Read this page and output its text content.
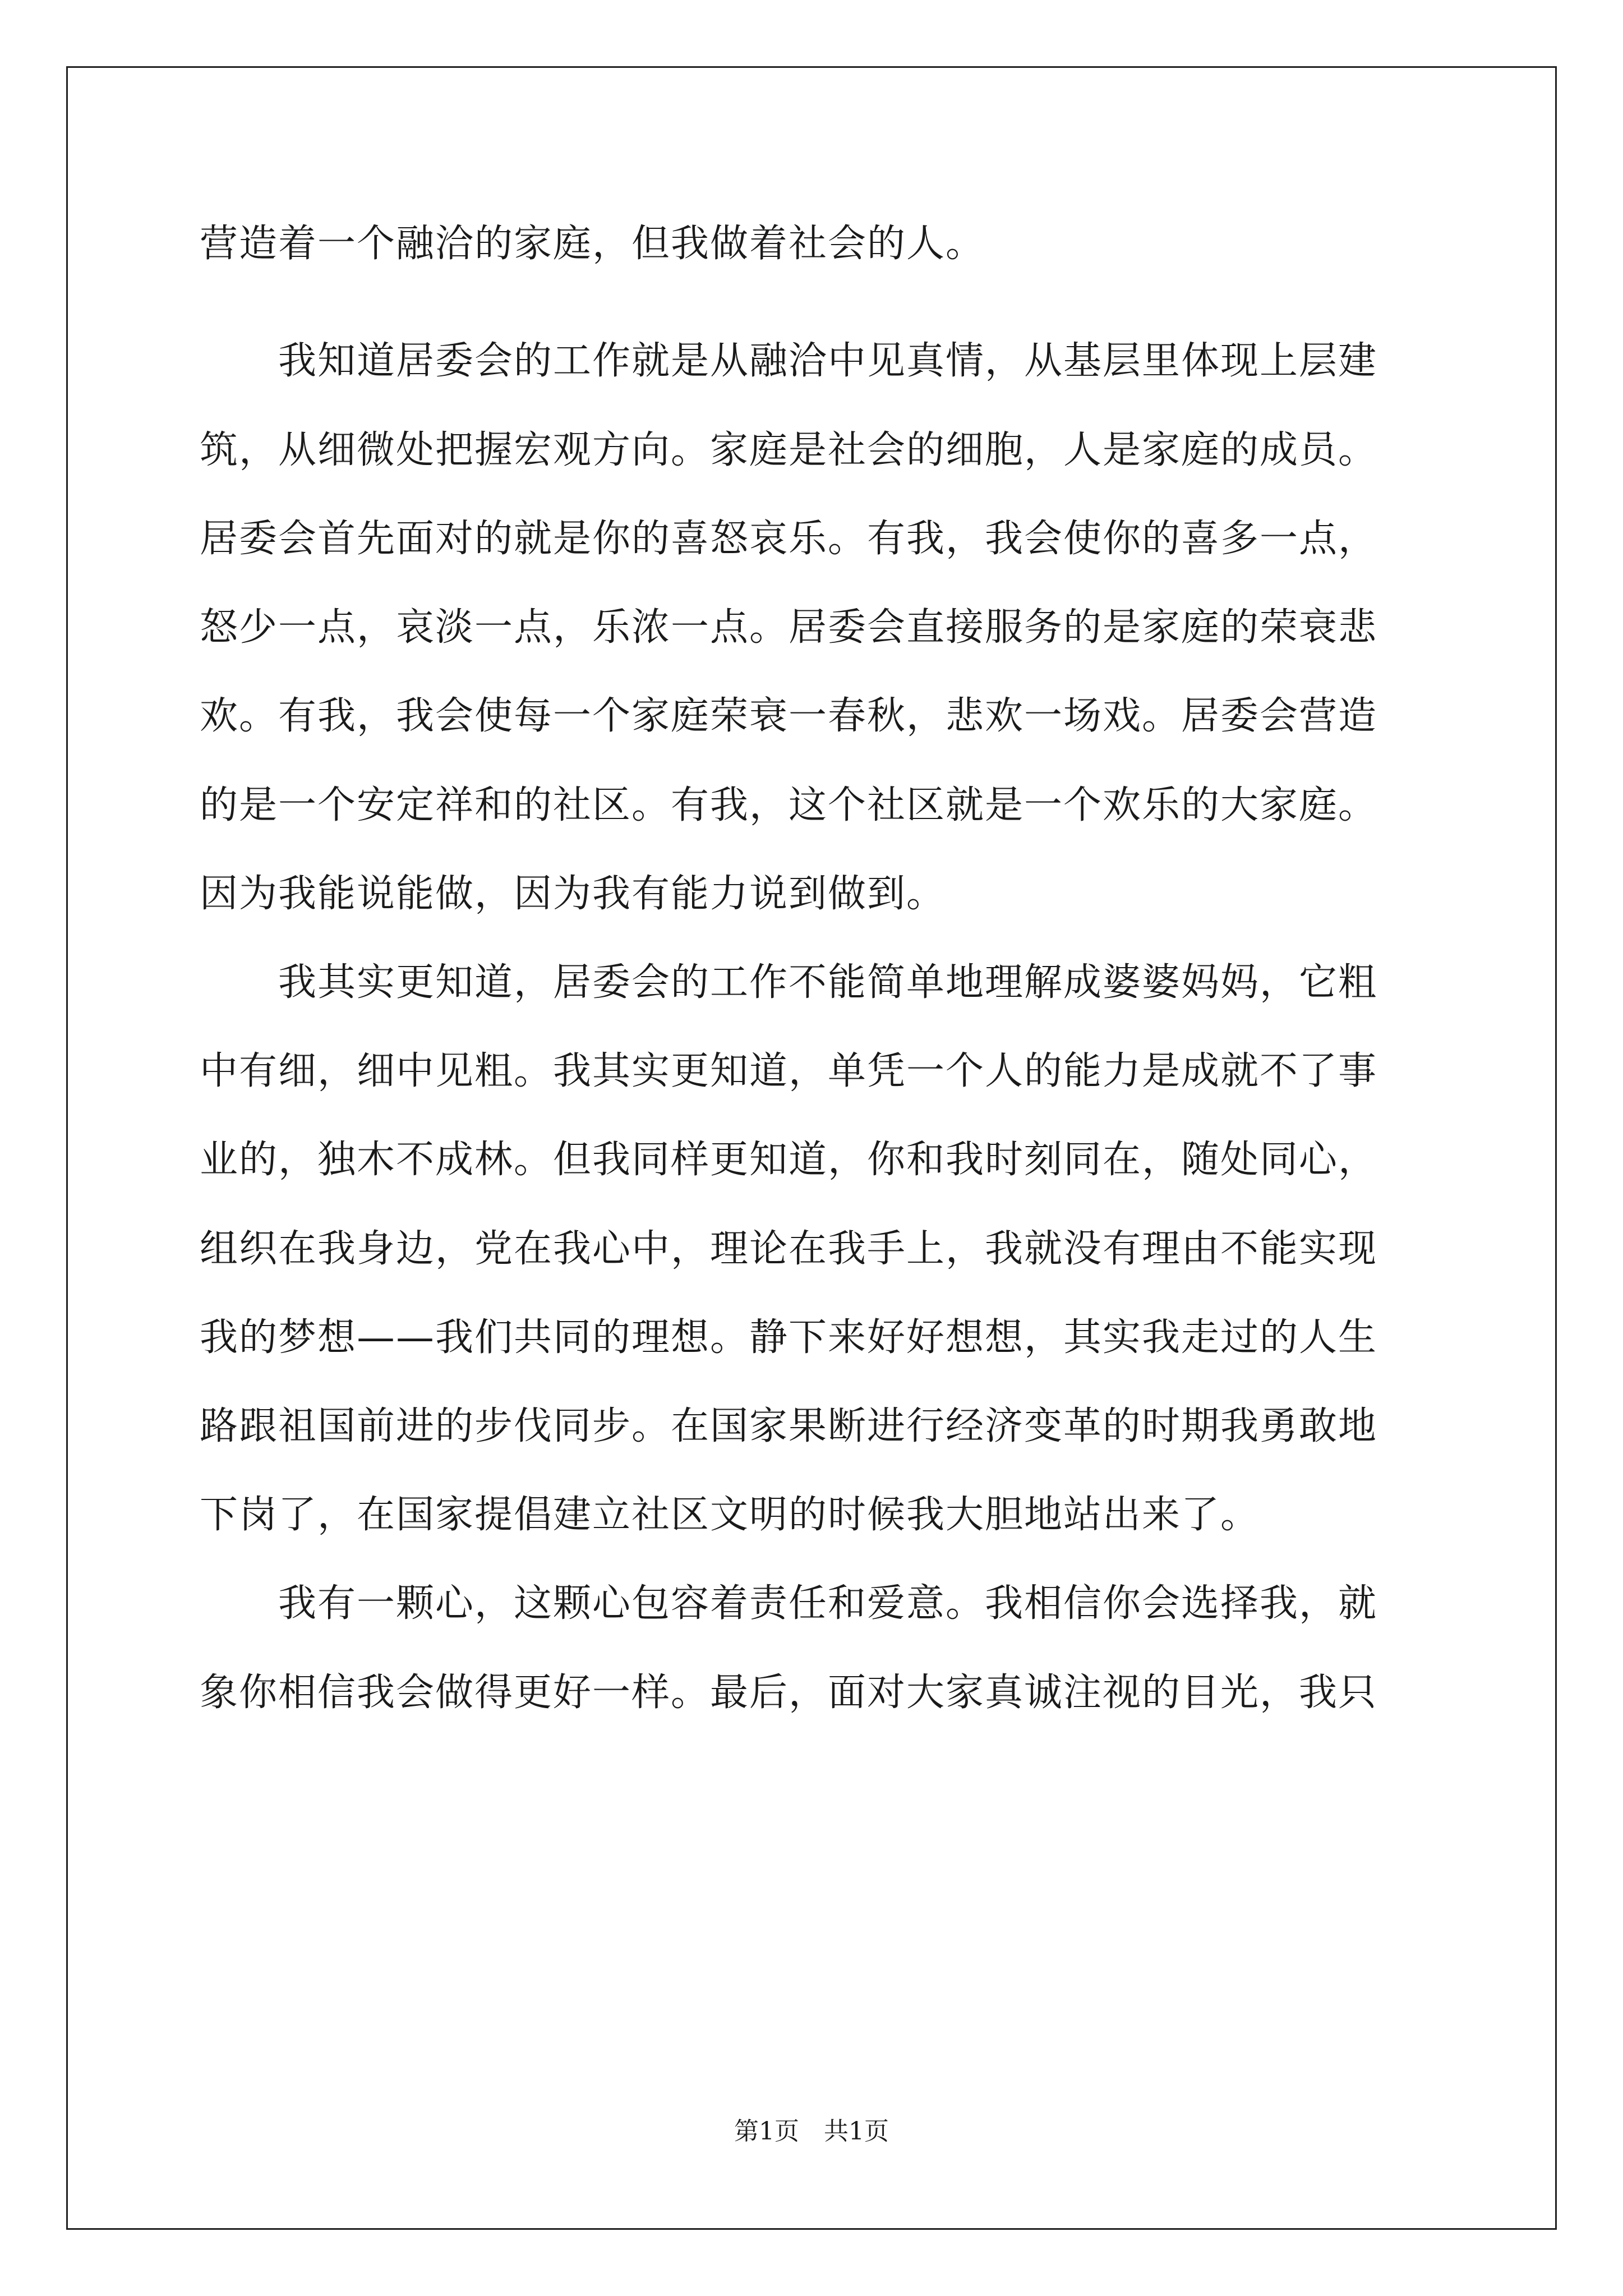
营造着一个融洽的家庭，但我做着社会的人。

　　我知道居委会的工作就是从融洽中见真情，从基层里体现上层建

筑，从细微处把握宏观方向。家庭是社会的细胞，人是家庭的成员。

居委会首先面对的就是你的喜怒哀乐。有我，我会使你的喜多一点，

怒少一点，哀淡一点，乐浓一点。居委会直接服务的是家庭的荣衰悲

欢。有我，我会使每一个家庭荣衰一春秋，悲欢一场戏。居委会营造

的是一个安定祥和的社区。有我，这个社区就是一个欢乐的大家庭。

因为我能说能做，因为我有能力说到做到。

　　我其实更知道，居委会的工作不能简单地理解成婆婆妈妈，它粗

中有细，细中见粗。我其实更知道，单凭一个人的能力是成就不了事

业的，独木不成林。但我同样更知道，你和我时刻同在，随处同心，

组织在我身边，党在我心中，理论在我手上，我就没有理由不能实现

我的梦想——我们共同的理想。静下来好好想想，其实我走过的人生

路跟祖国前进的步伐同步。在国家果断进行经济变革的时期我勇敢地

下岗了，在国家提倡建立社区文明的时候我大胆地站出来了。

　　我有一颗心，这颗心包容着责任和爱意。我相信你会选择我，就

象你相信我会做得更好一样。最后，面对大家真诚注视的目光，我只

第1页　共1页
